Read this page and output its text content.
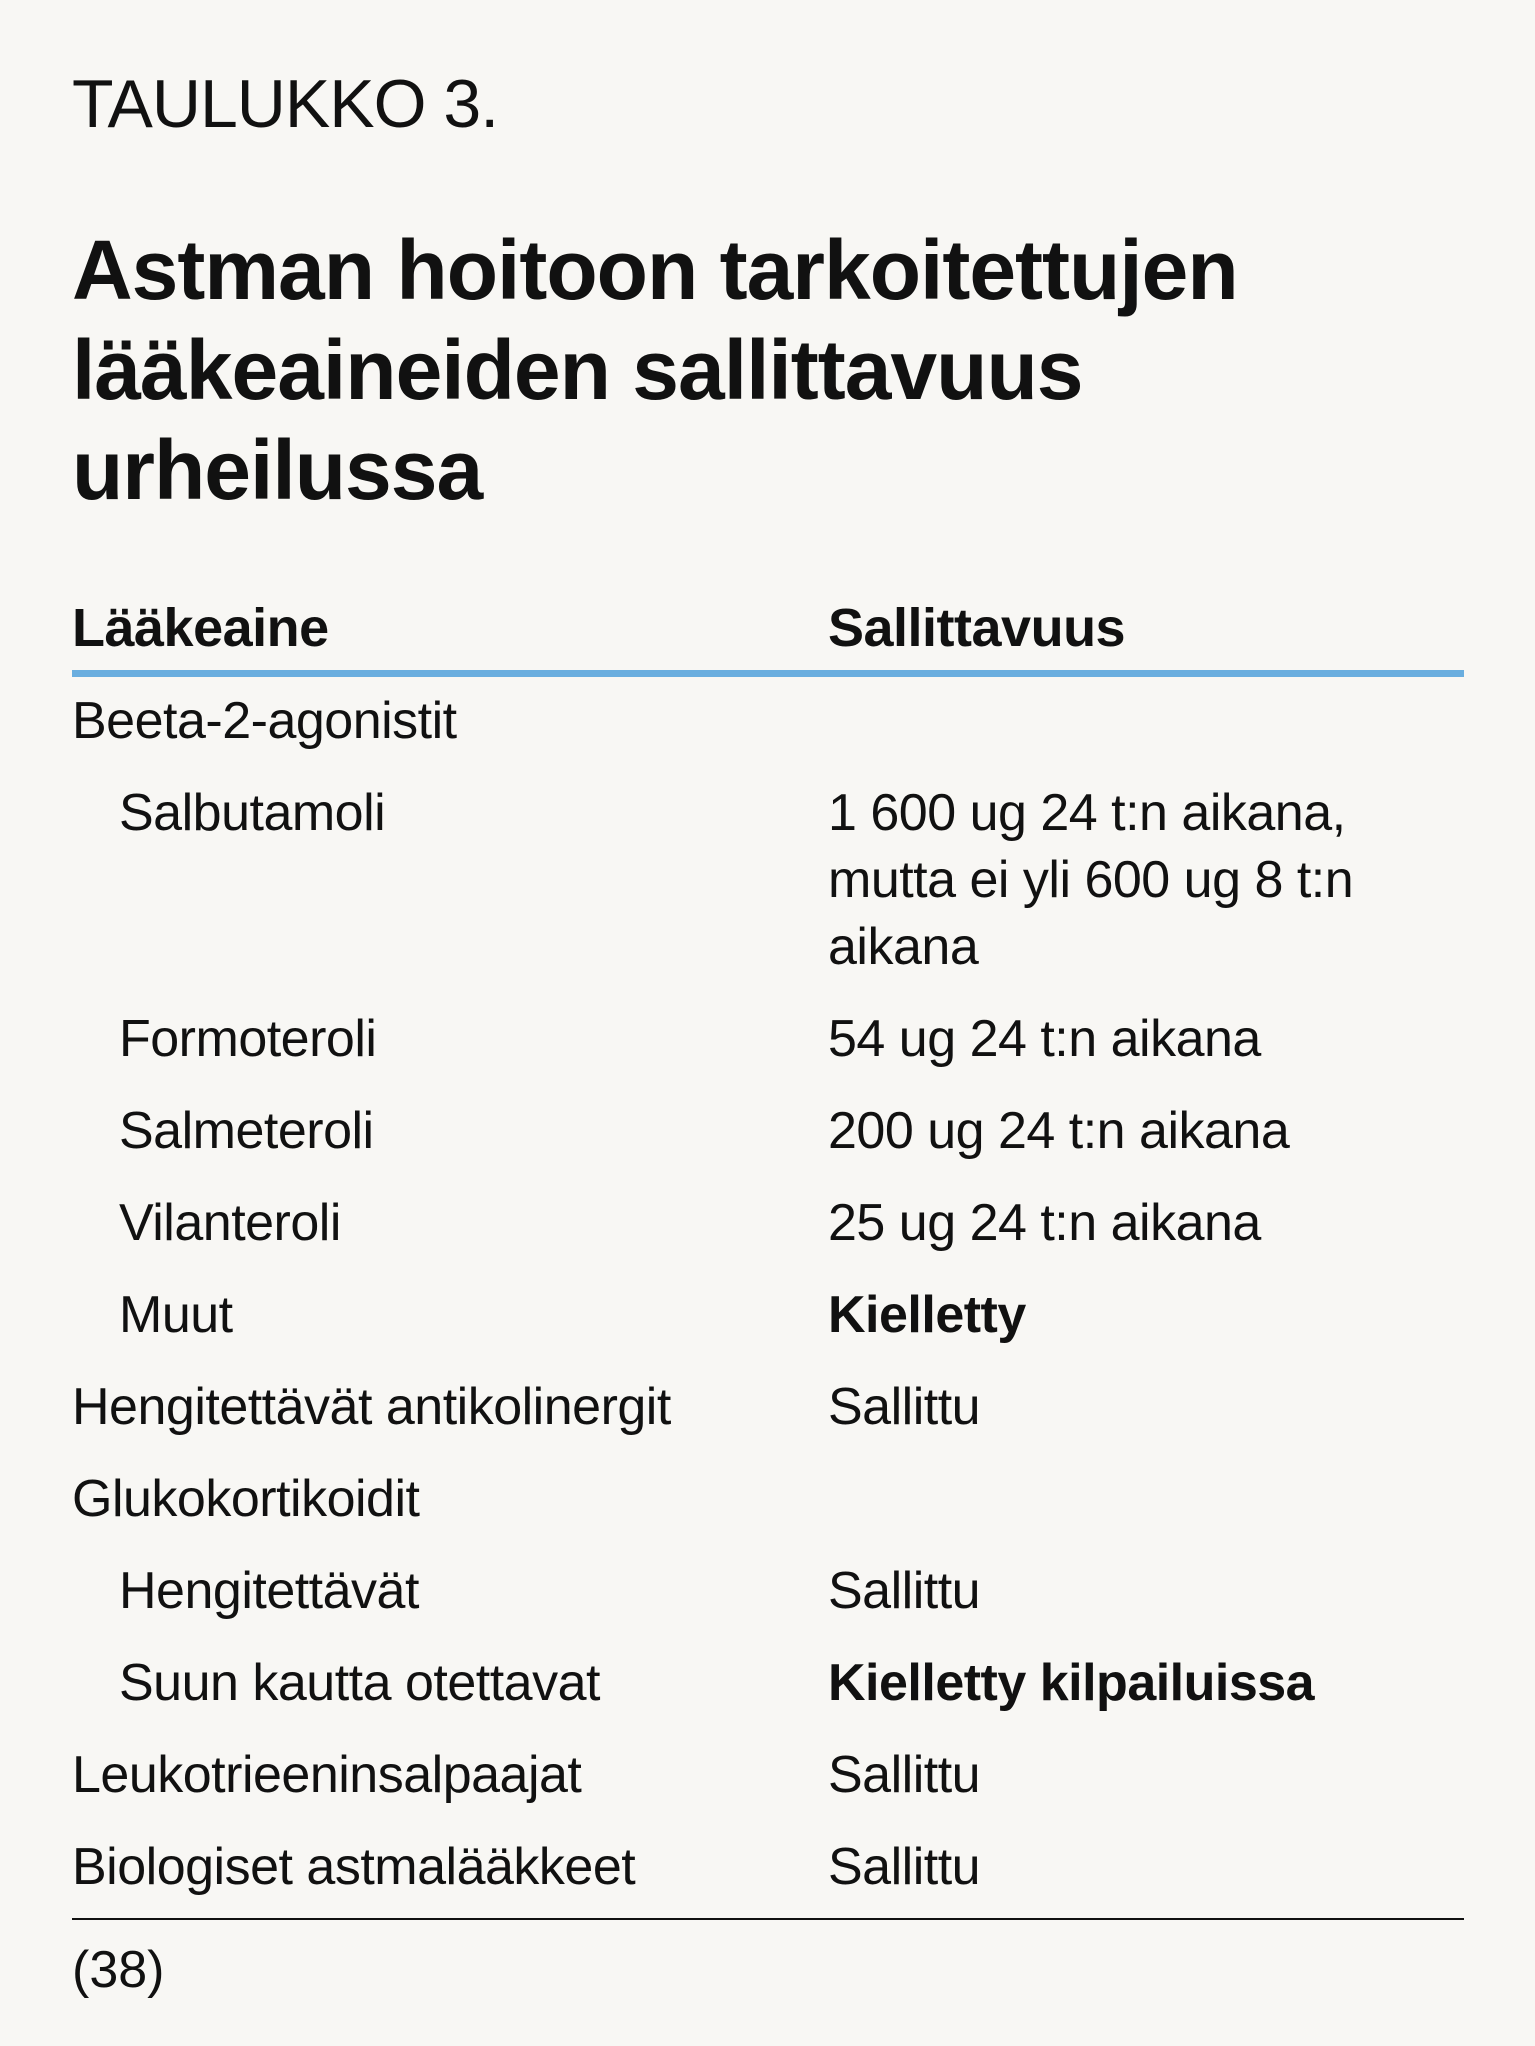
TAULUKKO 3.
Astman hoitoon tarkoitettujen
lääkeaineiden sallittavuus
urheilussa
Lääkeaine	Sallittavuus
Beeta-2-agonistit
Salbutamoli	1 600 ug 24 t:n aikana,
mutta ei yli 600 ug 8 t:n
aikana
Formoteroli	54 ug 24 t:n aikana
Salmeteroli	200 ug 24 t:n aikana
Vilanteroli	25 ug 24 t:n aikana
Muut	Kielletty
Hengitettävät antikolinergit	Sallittu
Glukokortikoidit
Hengitettävät	Sallittu
Suun kautta otettavat	Kielletty kilpailuissa
Leukotrieeninsalpaajat	Sallittu
Biologiset astmalääkkeet	Sallittu
(38)
